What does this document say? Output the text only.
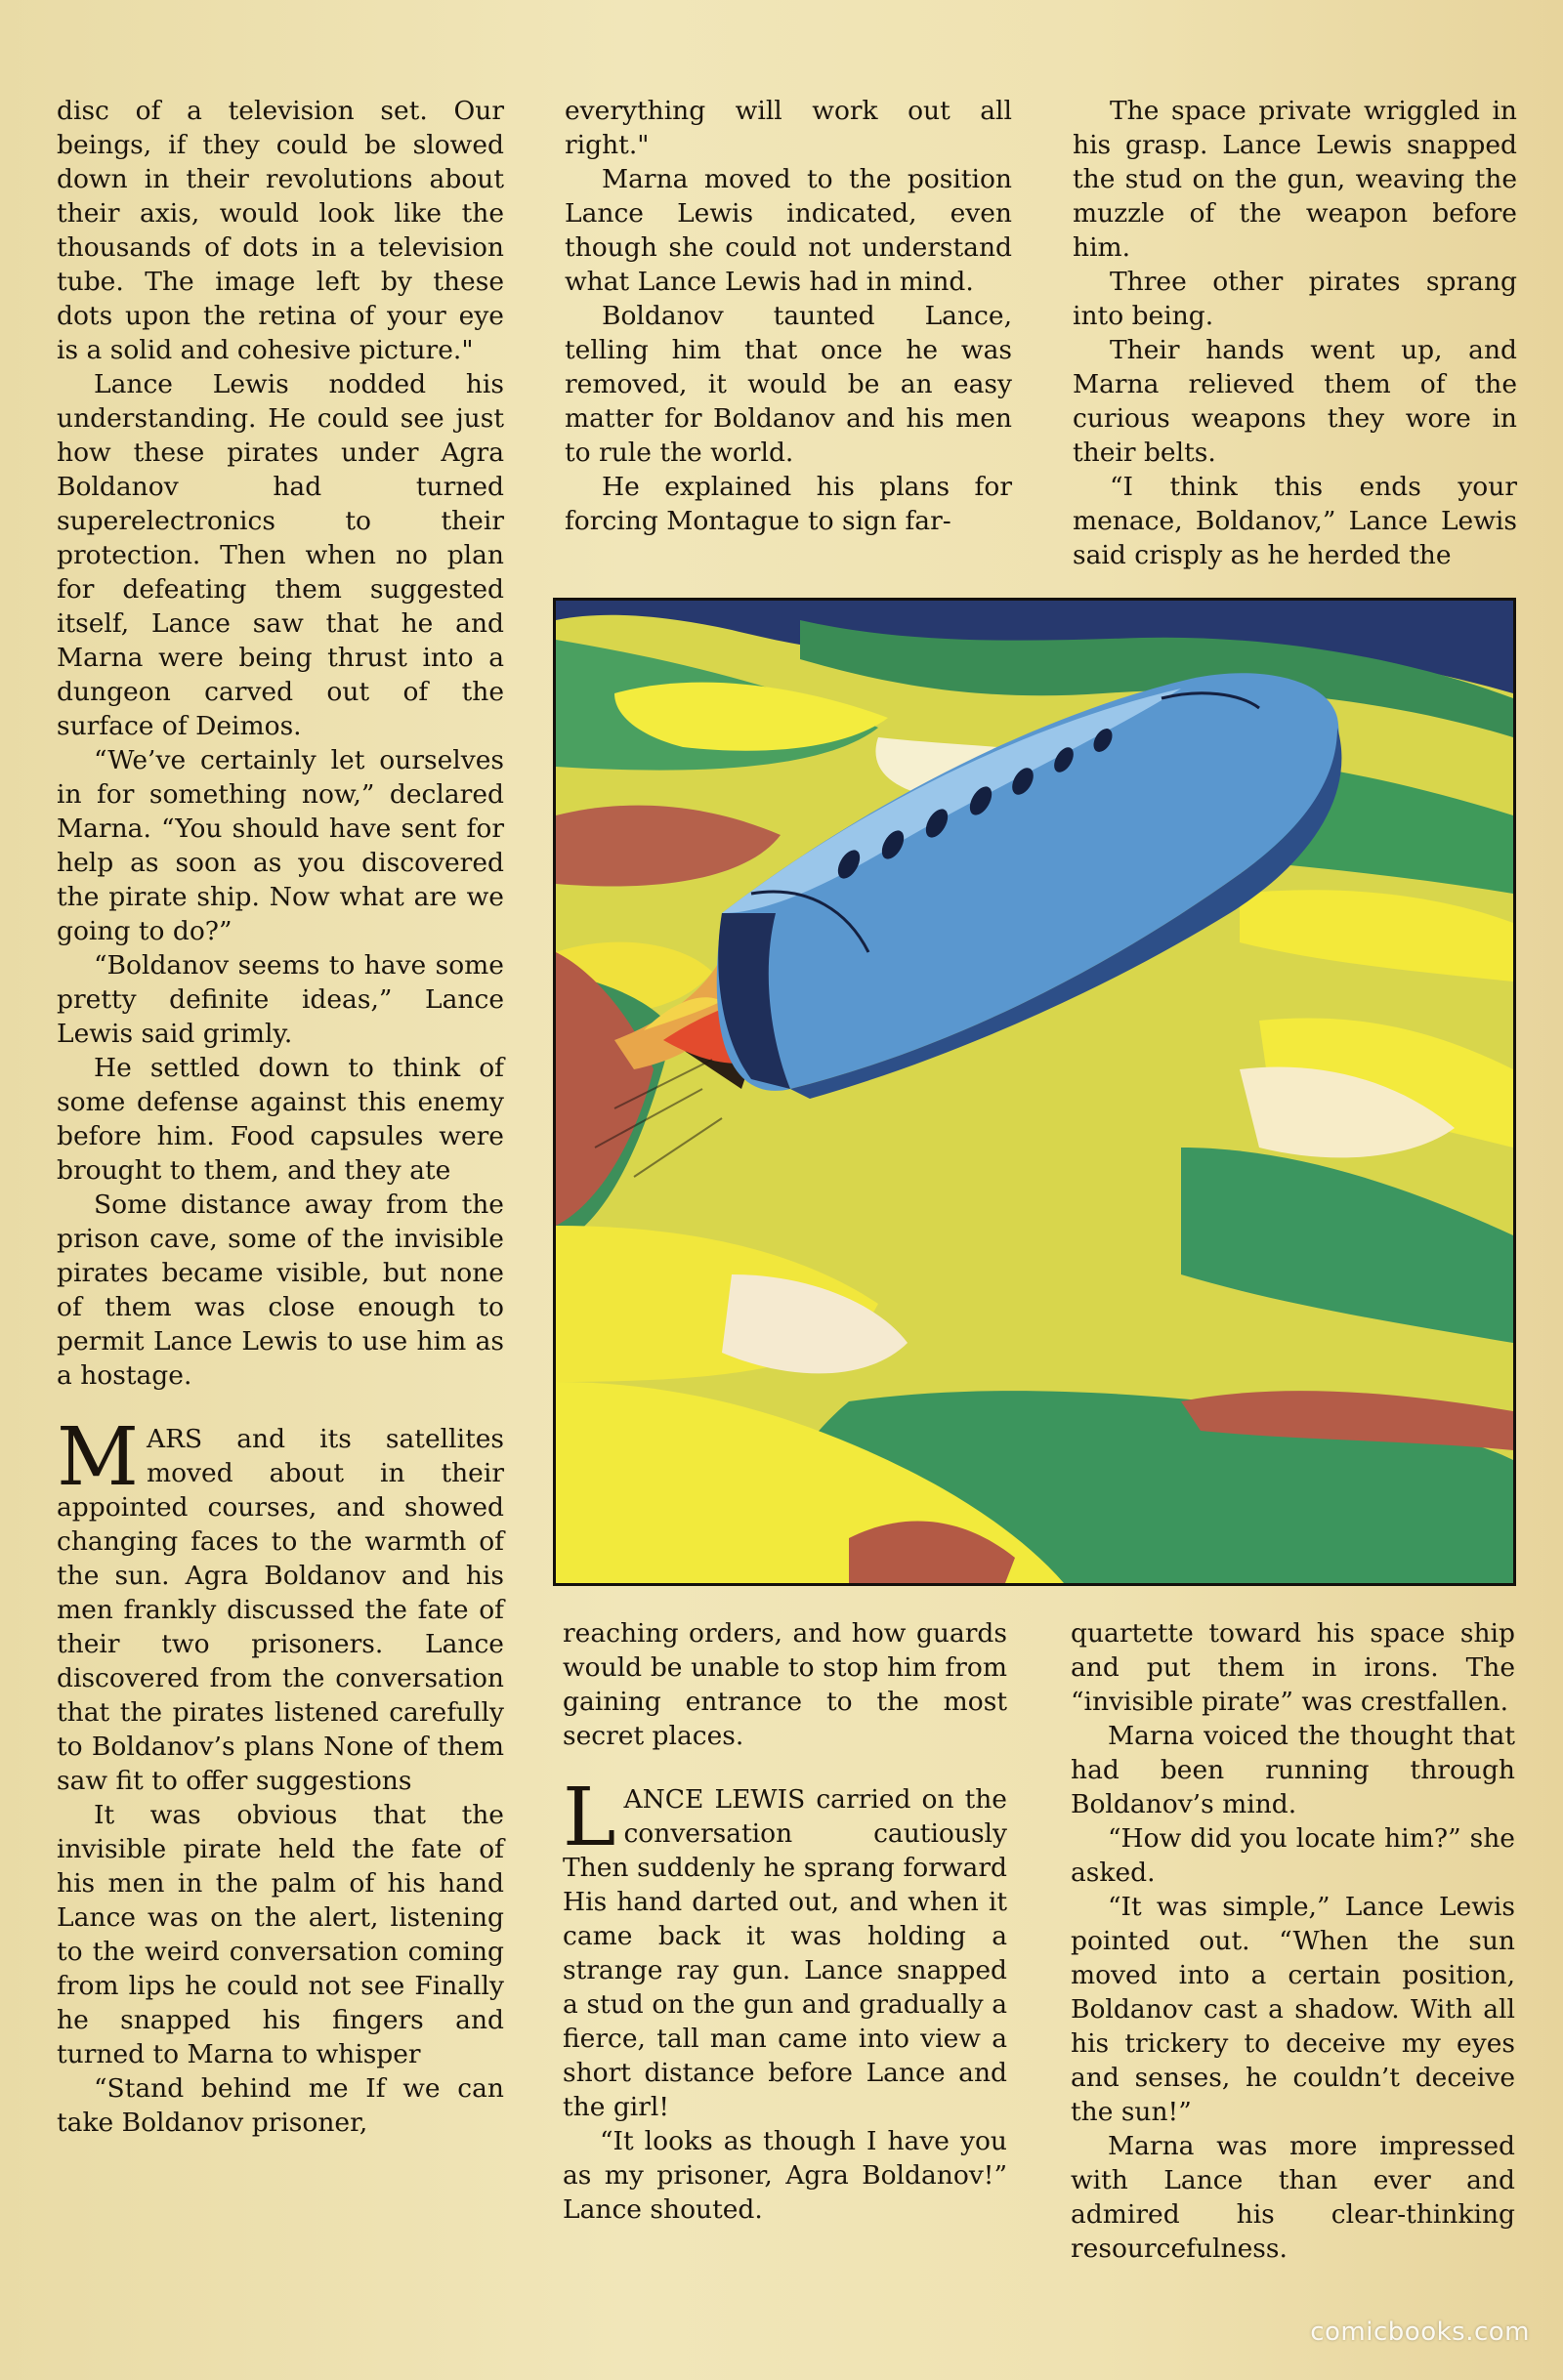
disc of a television set. Our beings, if they could be slowed down in their revolutions about their axis, would look like the thousands of dots in a television tube. The image left by these dots upon the retina of your eye is a solid and cohesive picture."

Lance Lewis nodded his understanding. He could see just how these pirates under Agra Boldanov had turned superelectronics to their protection. Then when no plan for defeating them suggested itself, Lance saw that he and Marna were being thrust into a dungeon carved out of the surface of Deimos.

“We’ve certainly let ourselves in for something now,” declared Marna. “You should have sent for help as soon as you discovered the pirate ship. Now what are we going to do?”

“Boldanov seems to have some pretty definite ideas,” Lance Lewis said grimly.

He settled down to think of some defense against this enemy before him. Food capsules were brought to them, and they ate

Some distance away from the prison cave, some of the invisible pirates became visible, but none of them was close enough to permit Lance Lewis to use him as a hostage.

MARS and its satellites moved about in their appointed courses, and showed changing faces to the warmth of the sun. Agra Boldanov and his men frankly discussed the fate of their two prisoners. Lance discovered from the conversation that the pirates listened carefully to Boldanov’s plans None of them saw fit to offer suggestions

It was obvious that the invisible pirate held the fate of his men in the palm of his hand Lance was on the alert, listening to the weird conversation coming from lips he could not see Finally he snapped his fingers and turned to Marna to whisper

“Stand behind me If we can take Boldanov prisoner,

everything will work out all right."

Marna moved to the position Lance Lewis indicated, even though she could not understand what Lance Lewis had in mind.

Boldanov taunted Lance, telling him that once he was removed, it would be an easy matter for Boldanov and his men to rule the world.

He explained his plans for forcing Montague to sign far-

The space private wriggled in his grasp. Lance Lewis snapped the stud on the gun, weaving the muzzle of the weapon before him.

Three other pirates sprang into being.

Their hands went up, and Marna relieved them of the curious weapons they wore in their belts.

“I think this ends your menace, Boldanov,” Lance Lewis said crisply as he herded the

reaching orders, and how guards would be unable to stop him from gaining entrance to the most secret places.

LANCE LEWIS carried on the conversation cautiously Then suddenly he sprang forward His hand darted out, and when it came back it was holding a strange ray gun. Lance snapped a stud on the gun and gradually a fierce, tall man came into view a short distance before Lance and the girl!

“It looks as though I have you as my prisoner, Agra Boldanov!” Lance shouted.

quartette toward his space ship and put them in irons. The “invisible pirate” was crestfallen.

Marna voiced the thought that had been running through Boldanov’s mind.

“How did you locate him?” she asked.

“It was simple,” Lance Lewis pointed out. “When the sun moved into a certain position, Boldanov cast a shadow. With all his trickery to deceive my eyes and senses, he couldn’t deceive the sun!”

Marna was more impressed with Lance than ever and admired his clear-thinking resourcefulness.

comicbooks.com
